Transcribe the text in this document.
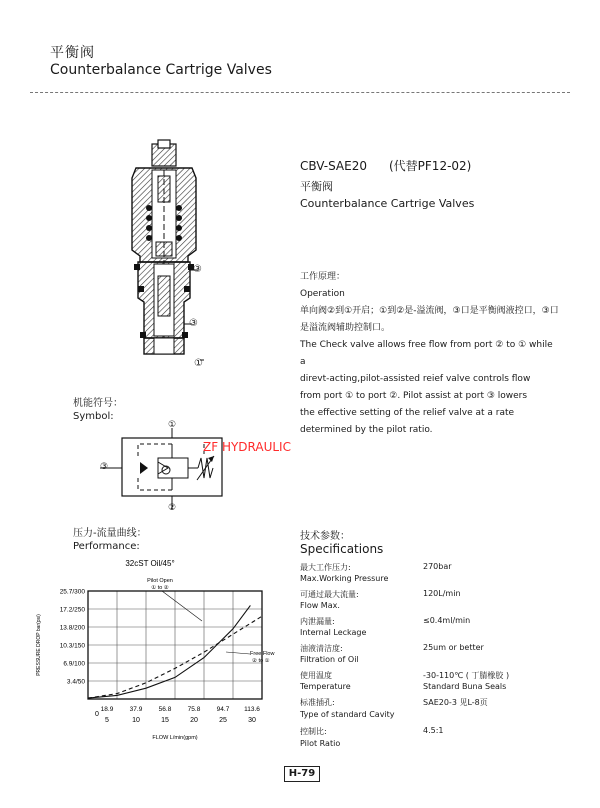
平衡阀
Counterbalance Cartrige Valves
③
③
①
CBV-SAE20 (代替PF12-02)
平衡阀
Counterbalance Cartrige Valves

工作原理：

Operation

单向阀②到①开启；①到②是-溢流阀，③口是平衡阀液控口，③口

是溢流阀辅助控制口。

The Check valve allows free flow from port ② to ① while a

direvt-acting,pilot-assisted reief valve controls flow

from port ① to port ②. Pilot assist at port ③ lowers

the effective setting of the relief valve at a rate

determined by the pilot ratio.

机能符号：
Symbol:
①
③
②
ZF HYDRAULIC
压力-流量曲线：
Performance:
32cST Oil/45°
25.7/300
17.2/250
13.8/200
10.3/150
6.9/100
3.4/50
18.9	37.9	56.8	75.8	94.7 113.6
5	10	15	20	25	30
0
FLOW L/min(gpm)
PRESSURE DROP bar(psi)
Pilot Open
① to ②
Free Flow
② to ①
技术参数：
Specifications
最大工作压力:	270bar
Max.Working Pressure
可通过最大流量:	120L/min
Flow Max.
内泄漏量:	≤0.4ml/min
Internal Leckage
油液清洁度:	25um or better
Filtration of Oil
使用温度	-30-110℃ ( 丁腈橡胶 )
Temperature	Standard Buna Seals
标准插孔:	SAE20-3 见L-8页
Type of standard Cavity
控制比:	4.5:1
Pilot Ratio
H-79
